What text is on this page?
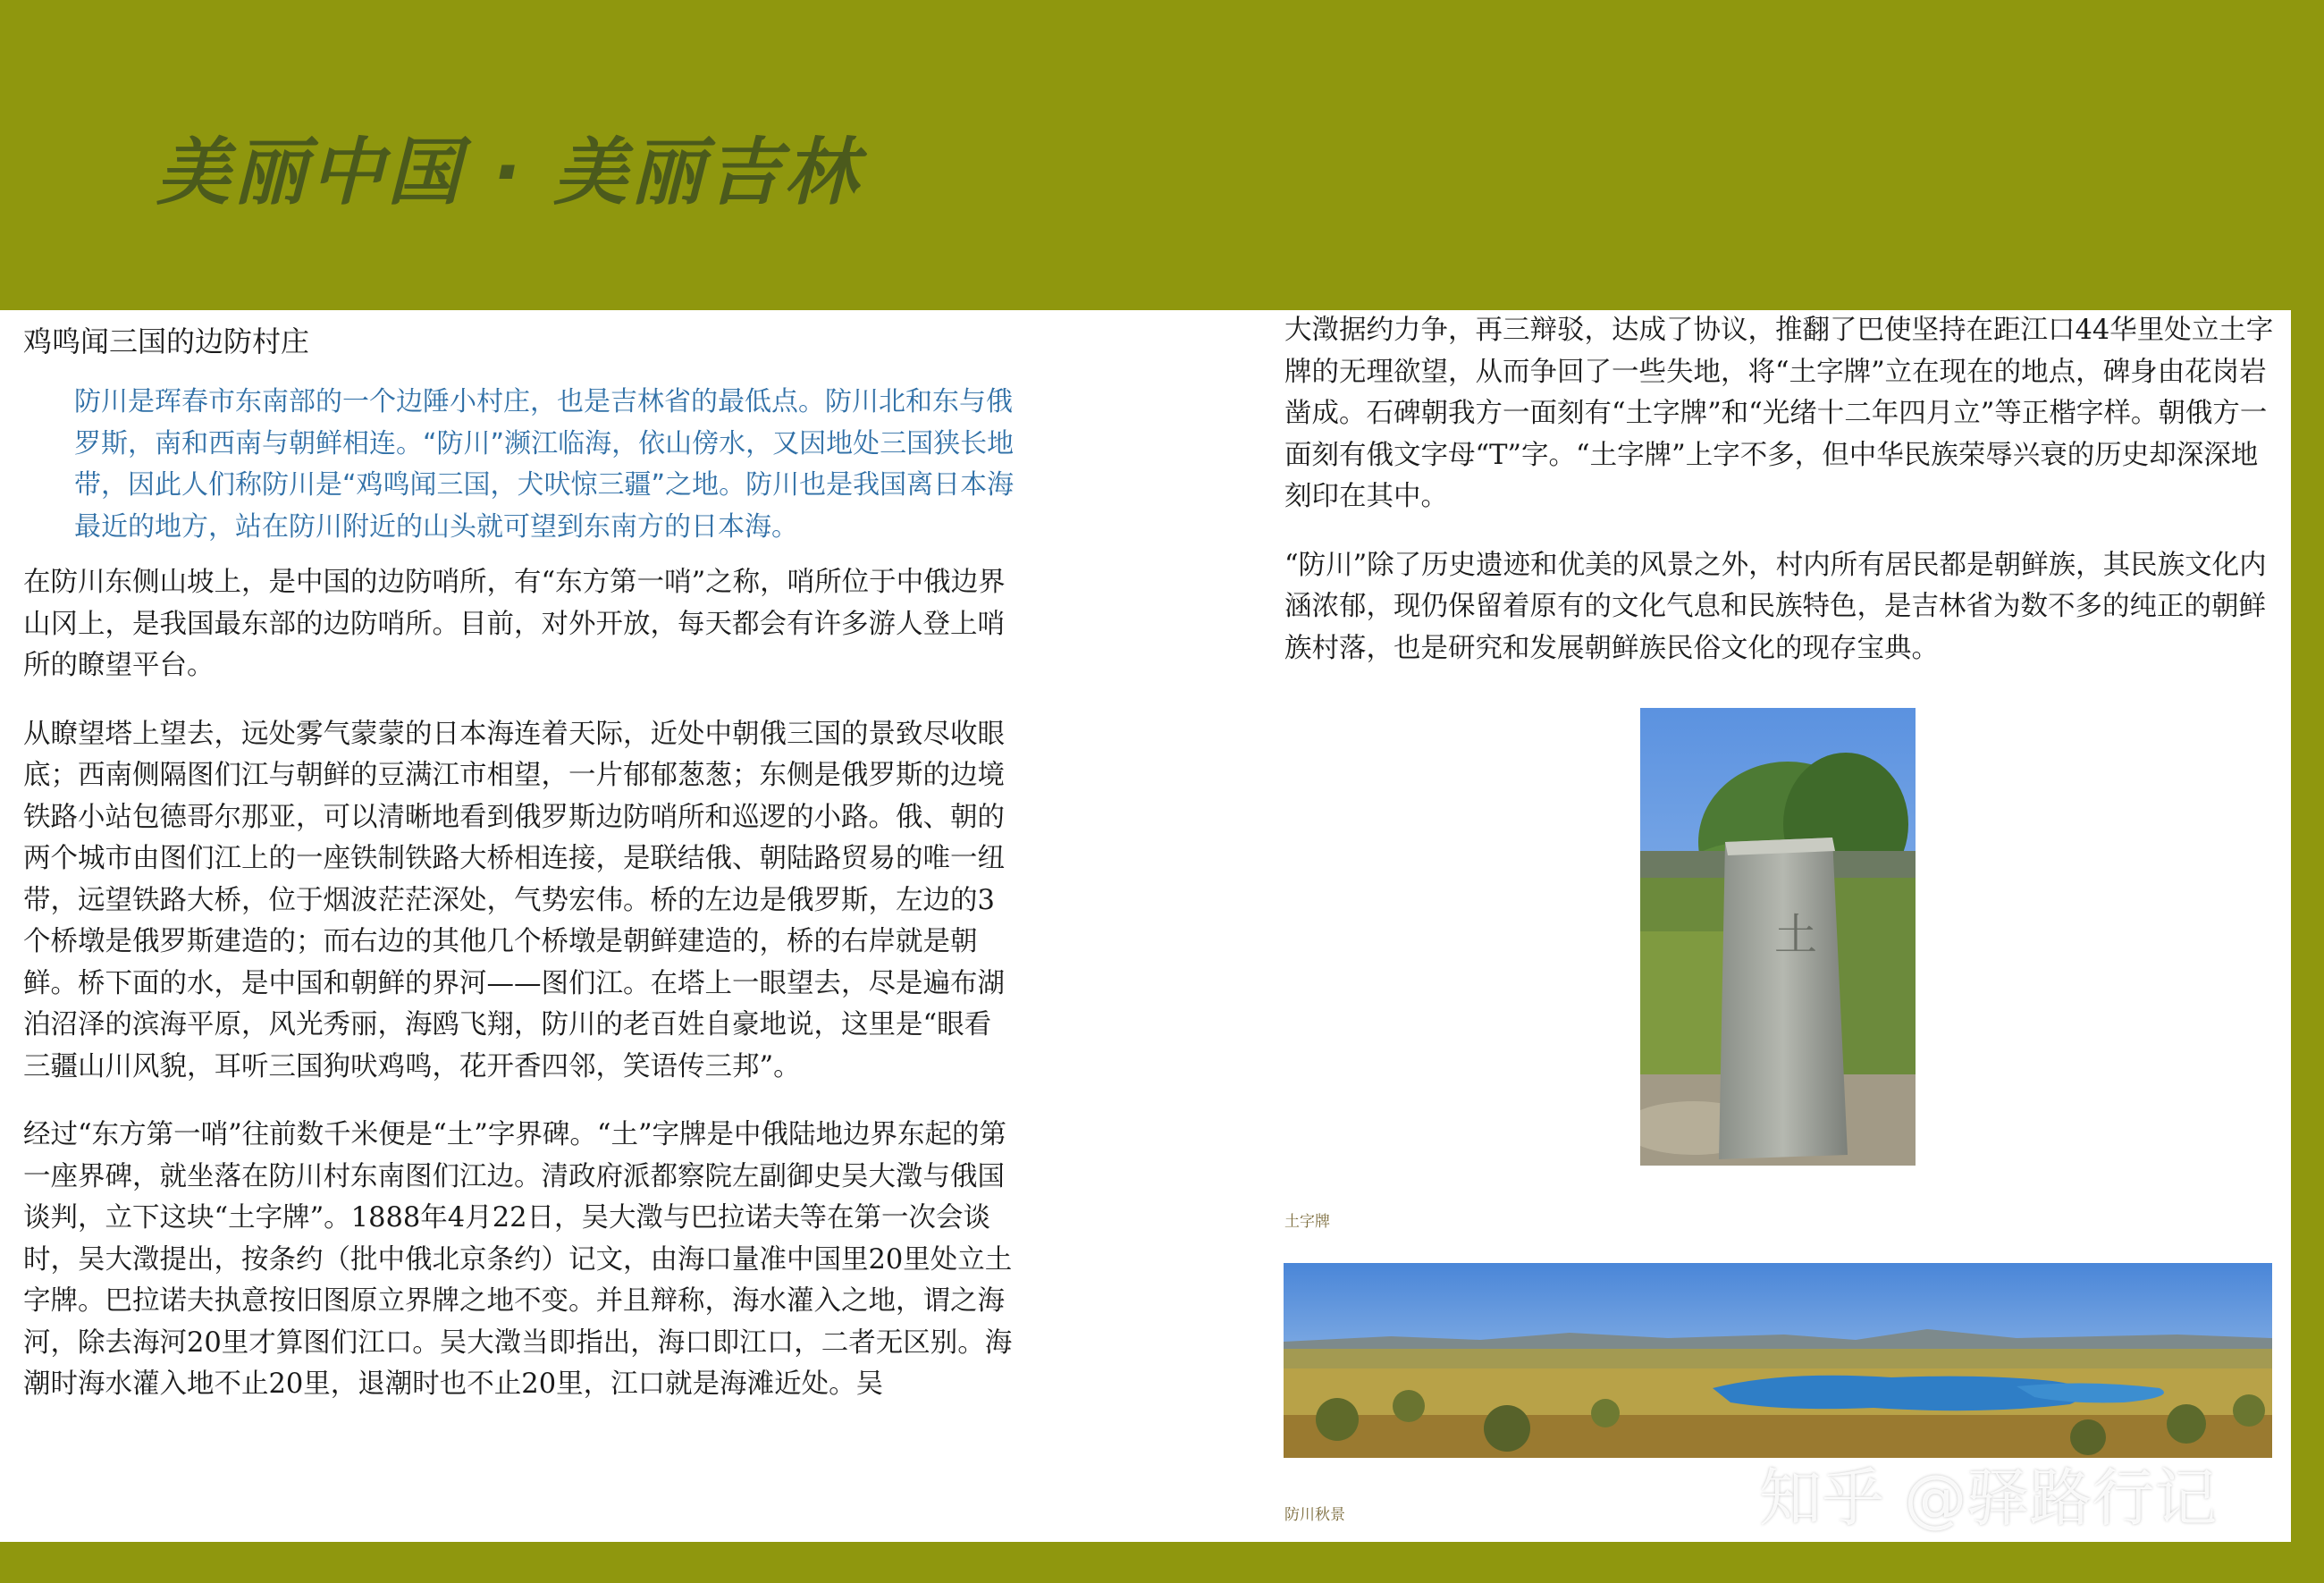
美丽中国 · 美丽吉林
鸡鸣闻三国的边防村庄

防川是珲春市东南部的一个边陲小村庄，也是吉林省的最低点。防川北和东与俄罗斯，南和西南与朝鲜相连。“防川”濒江临海，依山傍水，又因地处三国狭长地带，因此人们称防川是“鸡鸣闻三国，犬吠惊三疆”之地。防川也是我国离日本海最近的地方，站在防川附近的山头就可望到东南方的日本海。

在防川东侧山坡上，是中国的边防哨所，有“东方第一哨”之称，哨所位于中俄边界山冈上，是我国最东部的边防哨所。目前，对外开放，每天都会有许多游人登上哨所的瞭望平台。

从瞭望塔上望去，远处雾气蒙蒙的日本海连着天际，近处中朝俄三国的景致尽收眼底；西南侧隔图们江与朝鲜的豆满江市相望，一片郁郁葱葱；东侧是俄罗斯的边境铁路小站包德哥尔那亚，可以清晰地看到俄罗斯边防哨所和巡逻的小路。俄、朝的两个城市由图们江上的一座铁制铁路大桥相连接，是联结俄、朝陆路贸易的唯一纽带，远望铁路大桥，位于烟波茫茫深处，气势宏伟。桥的左边是俄罗斯，左边的3个桥墩是俄罗斯建造的；而右边的其他几个桥墩是朝鲜建造的，桥的右岸就是朝鲜。桥下面的水，是中国和朝鲜的界河——图们江。在塔上一眼望去，尽是遍布湖泊沼泽的滨海平原，风光秀丽，海鸥飞翔，防川的老百姓自豪地说，这里是“眼看三疆山川风貌，耳听三国狗吠鸡鸣，花开香四邻，笑语传三邦”。

经过“东方第一哨”往前数千米便是“土”字界碑。“土”字牌是中俄陆地边界东起的第一座界碑，就坐落在防川村东南图们江边。清政府派都察院左副御史吴大澂与俄国谈判，立下这块“土字牌”。1888年4月22日，吴大澂与巴拉诺夫等在第一次会谈时，吴大澂提出，按条约（批中俄北京条约）记文，由海口量准中国里20里处立土字牌。巴拉诺夫执意按旧图原立界牌之地不变。并且辩称，海水灌入之地，谓之海河，除去海河20里才算图们江口。吴大澂当即指出，海口即江口，二者无区别。海潮时海水灌入地不止20里，退潮时也不止20里，江口就是海滩近处。吴

大澂据约力争，再三辩驳，达成了协议，推翻了巴使坚持在距江口44华里处立土字牌的无理欲望，从而争回了一些失地，将“土字牌”立在现在的地点，碑身由花岗岩凿成。石碑朝我方一面刻有“土字牌”和“光绪十二年四月立”等正楷字样。朝俄方一面刻有俄文字母“T”字。“土字牌”上字不多，但中华民族荣辱兴衰的历史却深深地刻印在其中。

“防川”除了历史遗迹和优美的风景之外，村内所有居民都是朝鲜族，其民族文化内涵浓郁，现仍保留着原有的文化气息和民族特色，是吉林省为数不多的纯正的朝鲜族村落，也是研究和发展朝鲜族民俗文化的现存宝典。

土
土字牌
防川秋景	知乎 @驿路行记
